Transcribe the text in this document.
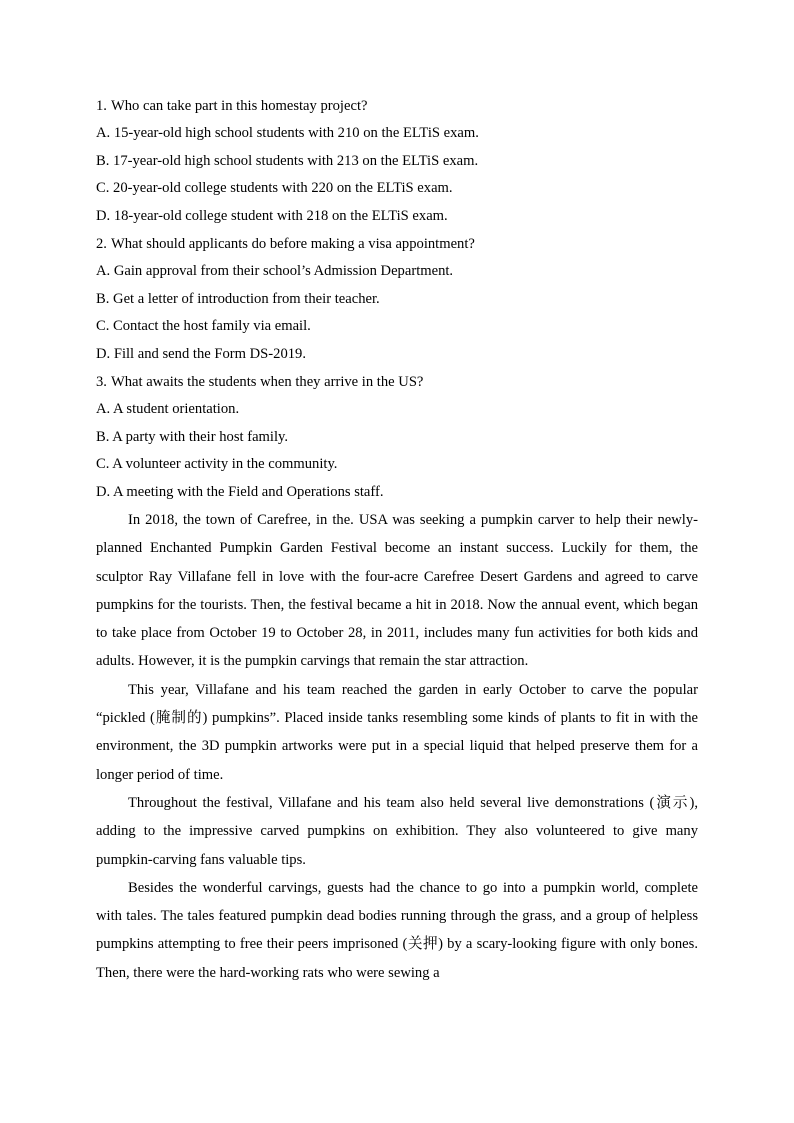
1. Who can take part in this homestay project?
A. 15-year-old high school students with 210 on the ELTiS exam.
B. 17-year-old high school students with 213 on the ELTiS exam.
C. 20-year-old college students with 220 on the ELTiS exam.
D. 18-year-old college student with 218 on the ELTiS exam.
2. What should applicants do before making a visa appointment?
A. Gain approval from their school’s Admission Department.
B. Get a letter of introduction from their teacher.
C. Contact the host family via email.
D. Fill and send the Form DS-2019.
3. What awaits the students when they arrive in the US?
A. A student orientation.
B. A party with their host family.
C. A volunteer activity in the community.
D. A meeting with the Field and Operations staff.

In 2018, the town of Carefree, in the. USA was seeking a pumpkin carver to help their newly-planned Enchanted Pumpkin Garden Festival become an instant success. Luckily for them, the sculptor Ray Villafane fell in love with the four-acre Carefree Desert Gardens and agreed to carve pumpkins for the tourists. Then, the festival became a hit in 2018. Now the annual event, which began to take place from October 19 to October 28, in 2011, includes many fun activities for both kids and adults. However, it is the pumpkin carvings that remain the star attraction.

This year, Villafane and his team reached the garden in early October to carve the popular “pickled (腌制的) pumpkins”. Placed inside tanks resembling some kinds of plants to fit in with the environment, the 3D pumpkin artworks were put in a special liquid that helped preserve them for a longer period of time.

Throughout the festival, Villafane and his team also held several live demonstrations (演示), adding to the impressive carved pumpkins on exhibition. They also volunteered to give many pumpkin-carving fans valuable tips.

Besides the wonderful carvings, guests had the chance to go into a pumpkin world, complete with tales. The tales featured pumpkin dead bodies running through the grass, and a group of helpless pumpkins attempting to free their peers imprisoned (关押) by a scary-looking figure with only bones. Then, there were the hard-working rats who were sewing a
